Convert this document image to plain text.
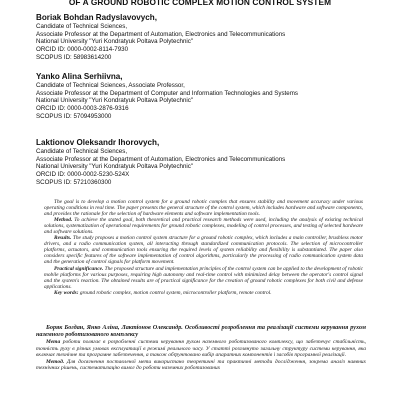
OF A GROUND ROBOTIC COMPLEX MOTION CONTROL SYSTEM
Boriak Bohdan Radyslavovych,
Candidate of Technical Sciences,
Associate Professor at the Department of Automation, Electronics and Telecommunications
National University "Yuri Kondratyuk Poltava Polytechnic"
ORCID ID: 0000-0002-8114-7930
SCOPUS ID: 58983614200
Yanko Alina Serhiivna,
Candidate of Technical Sciences, Associate Professor,
Associate Professor at the Department of Computer and Information Technologies and Systems
National University "Yuri Kondratyuk Poltava Polytechnic"
ORCID ID: 0000-0003-2876-9316
SCOPUS ID: 57094953000
Laktionov Oleksandr Ihorovych,
Candidate of Technical Sciences,
Associate Professor at the Department of Automation, Electronics and Telecommunications
National University "Yuri Kondratyuk Poltava Polytechnic"
ORCID ID: 0000-0002-5230-524X
SCOPUS ID: 57210360300

The goal is to develop a motion control system for a ground robotic complex that ensures stability and movement accuracy under various operating conditions in real time. The paper presents the general structure of the control system, which includes hardware and software components, and provides the rationale for the selection of hardware elements and software implementation tools.

Method. To achieve the stated goal, both theoretical and practical research methods were used, including the analysis of existing technical solutions, systematization of operational requirements for ground robotic complexes, modeling of control processes, and testing of selected hardware and software solutions.

Results. The study proposes a motion control system structure for a ground robotic complex, which includes a main controller, brushless motor drivers, and a radio communication system, all interacting through standardized communication protocols. The selection of microcontroller platforms, actuators, and communication tools ensuring the required levels of system reliability and flexibility is substantiated. The paper also considers specific features of the software implementation of control algorithms, particularly the processing of radio communication system data and the generation of control signals for platform movement.

Practical significance. The proposed structure and implementation principles of the control system can be applied to the development of robotic mobile platforms for various purposes, requiring high autonomy and real-time control with minimized delay between the operator's control signal and the system's reaction. The obtained results are of practical significance for the creation of ground robotic complexes for both civil and defense applications.

Key words: ground robotic complex, motion control system, microcontroller platform, remote control.

Боряк Богдан, Янко Аліна, Лактіонов Олександр. Особливості розроблення та реалізації системи керування рухом наземного роботизованого комплексу

Мета роботи полягає в розробленні системи керування рухом наземного роботизованого комплексу, що забезпечує стабільність, точність руху в різних умовах експлуатації в режимі реального часу. У статті розглянуто загальну структуру системи керування, яка включає технічне та програмне забезпечення, а також обґрунтовано вибір апаратних компонентів і засобів програмної реалізації.

Метод. Для досягнення поставленої мети використано теоретичні та практичні методи дослідження, зокрема аналіз наявних технічних рішень, систематизацію вимог до роботи наземних роботизованих
